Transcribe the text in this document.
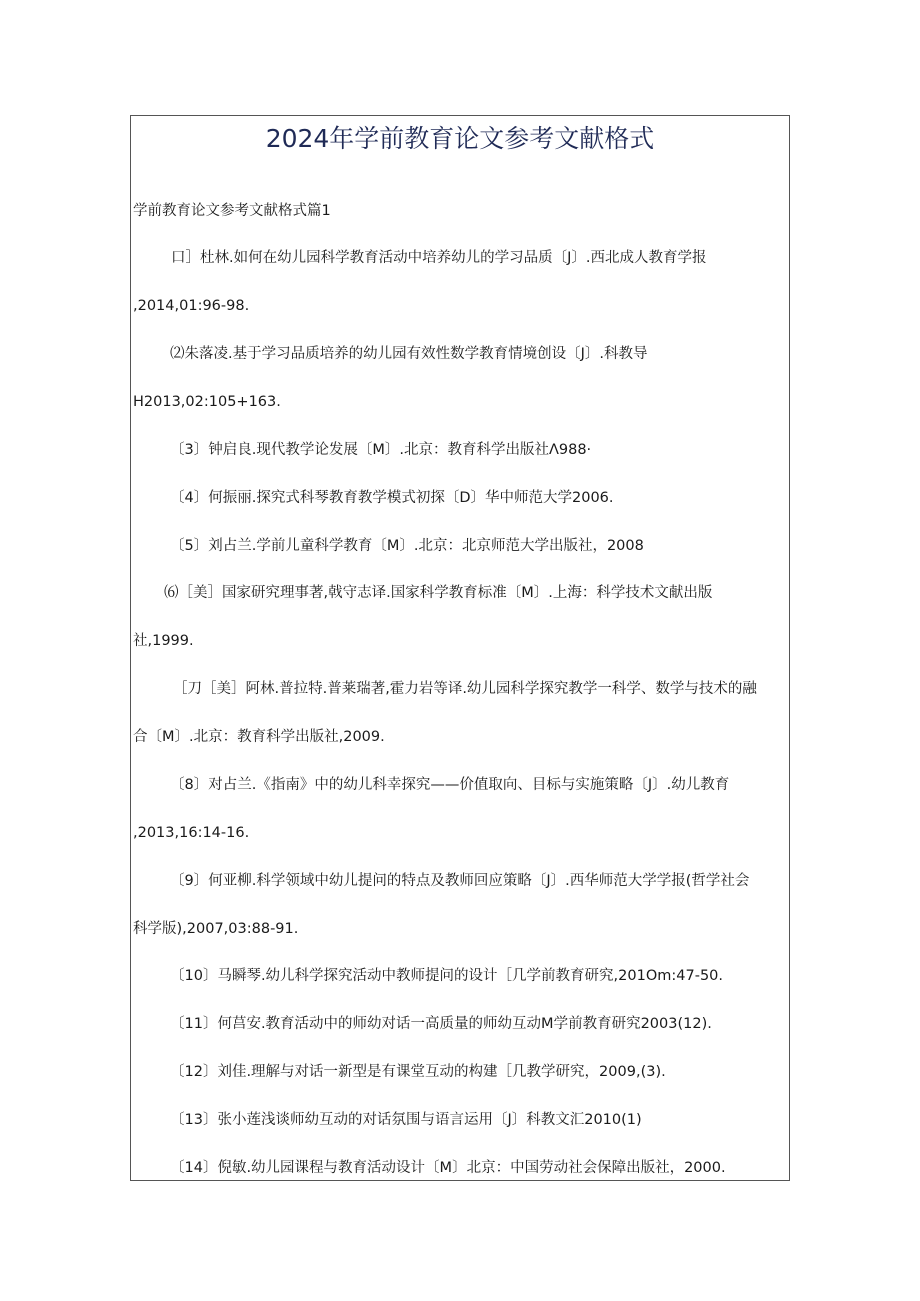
2024年学前教育论文参考文献格式
学前教育论文参考文献格式篇1
口］杜林.如何在幼儿园科学教育活动中培养幼儿的学习品质〔J〕.西北成人教育学报
,2014,01:96-98.
⑵朱落凌.基于学习品质培养的幼儿园有效性数学教育情境创设〔J〕.科教导
H2013,02:105+163.
〔3〕钟启良.现代教学论发展〔M〕.北京：教育科学出版社Λ988·
〔4〕何振丽.探究式科琴教育教学模式初探〔D〕华中师范大学2006.
〔5〕刘占兰.学前儿童科学教育〔M〕.北京：北京师范大学出版社，2008
⑹［美］国家研究理事著,戟守志译.国家科学教育标准〔M〕.上海：科学技术文献出版
社,1999.
［刀［美］阿林.普拉特.普莱瑞著,霍力岩等译.幼儿园科学探究教学一科学、数学与技术的融
合〔M〕.北京：教育科学出版社,2009.
〔8〕对占兰.《指南》中的幼儿科幸探究——价值取向、目标与实施策略〔J〕.幼儿教育
,2013,16:14-16.
〔9〕何亚柳.科学领域中幼儿提问的特点及教师回应策略〔J〕.西华师范大学学报(哲学社会
科学版),2007,03:88-91.
〔10〕马瞬琴.幼儿科学探究活动中教师提问的设计［几学前教育研究,201Om:47-50.
〔11〕何莒安.教育活动中的师幼对话一高质量的师幼互动M学前教育研究2003(12).
〔12〕刘佳.理解与对话一新型是有课堂互动的构建［几教学研究，2009,(3).
〔13〕张小莲浅谈师幼互动的对话氛围与语言运用〔J〕科教文汇2010(1)
〔14〕倪敏.幼儿园课程与教育活动设计〔M〕北京：中国劳动社会保障出版社，2000.
